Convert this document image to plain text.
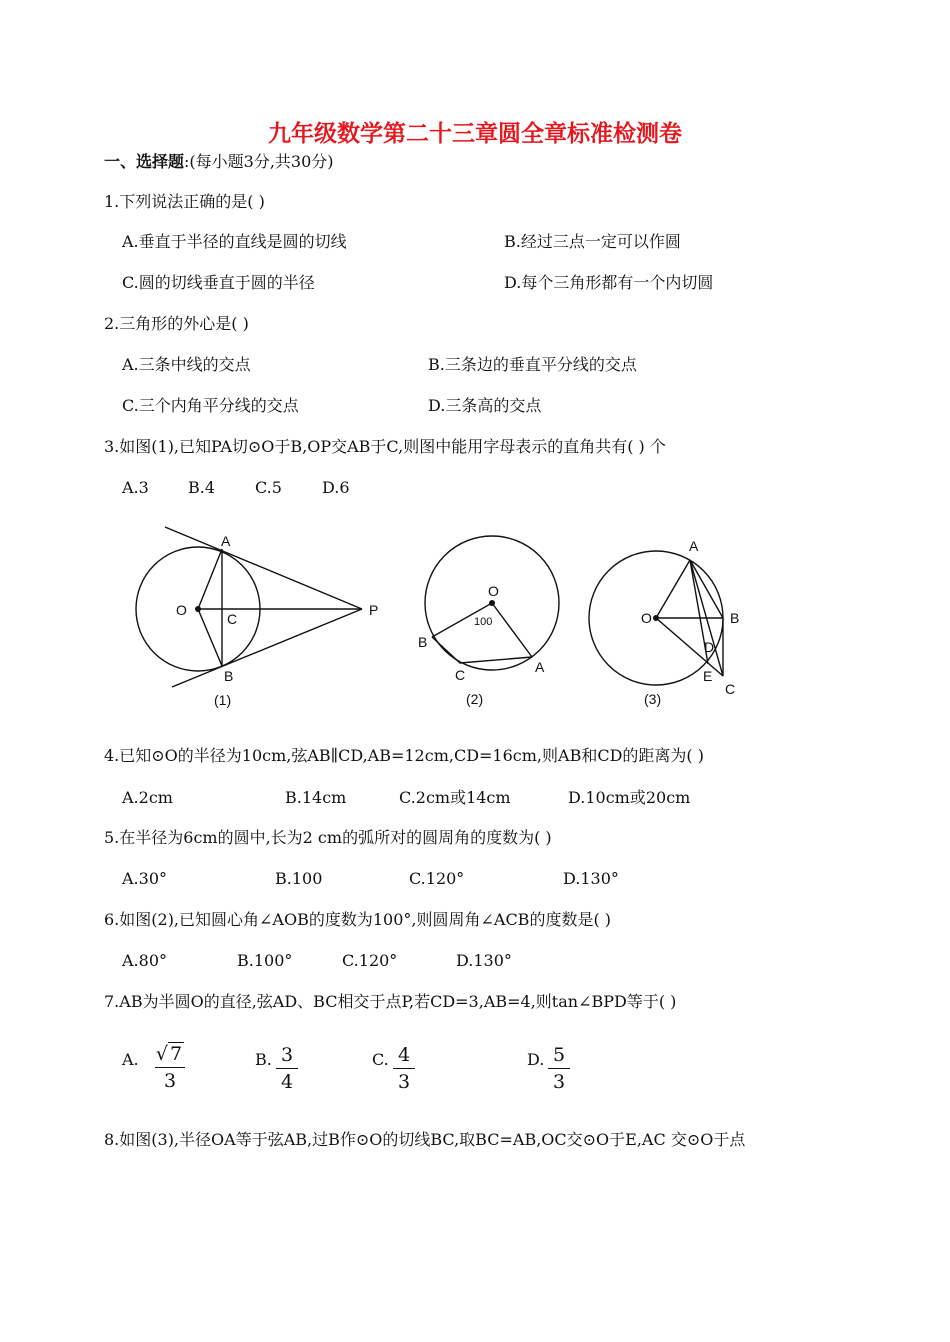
九年级数学第二十三章圆全章标准检测卷
一、选择题:(每小题3分,共30分)
1.下列说法正确的是( )
A.垂直于半径的直线是圆的切线	B.经过三点一定可以作圆
C.圆的切线垂直于圆的半径	D.每个三角形都有一个内切圆
2.三角形的外心是( )
A.三条中线的交点	B.三条边的垂直平分线的交点
C.三个内角平分线的交点	D.三条高的交点
3.如图(1),已知PA切⊙O于B,OP交AB于C,则图中能用字母表示的直角共有( ) 个
A.3 B.4 C.5	D.6
A
O
C
P
B
(1)
O
100
B
A
C
(2)
A
O	B
D
E
C
(3)
4.已知⊙O的半径为10cm,弦AB∥CD,AB=12cm,CD=16cm,则AB和CD的距离为( )
A.2cm	B.14cm	C.2cm或14cm	D.10cm或20cm
5.在半径为6cm的圆中,长为2 cm的弧所对的圆周角的度数为( )
A.30°	B.100	C.120°	D.130°
6.如图(2),已知圆心角∠AOB的度数为100°,则圆周角∠ACB的度数是( )
A.80°	B.100°	C.120°	D.130°
7.AB为半圆O的直径,弦AD、BC相交于点P,若CD=3,AB=4,则tan∠BPD等于( )
A. √ 7
3
B. 3
4
C. 4
3
D. 5
3
8.如图(3),半径OA等于弦AB,过B作⊙O的切线BC,取BC=AB,OC交⊙O于E,AC 交⊙O于点
